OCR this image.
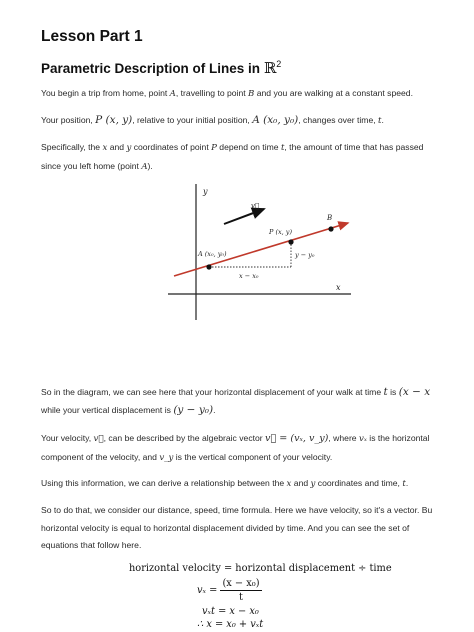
Lesson Part 1
Parametric Description of Lines in ℝ$^2$
You begin a trip from home, point A, travelling to point B and you are walking at a constant speed.
Your position, P (x, y), relative to your initial position, A (x₀, y₀), changes over time, t.
Specifically, the x and y coordinates of point P depend on time t, the amount of time that has passed
since you left home (point A).
y
x
v⃗
A (x₀, y₀)
P (x, y)
B
x − x₀
y − y₀
So in the diagram, we can see here that your horizontal displacement of your walk at time t is (x − x
while your vertical displacement is (y − y₀).
Your velocity, v⃗, can be described by the algebraic vector v⃗ = (vₓ, v_y), where vₓ is the horizontal
component of the velocity, and v_y is the vertical component of your velocity.
Using this information, we can derive a relationship between the x and y coordinates and time, t.
So to do that, we consider our distance, speed, time formula. Here we have velocity, so it's a vector. Bu
horizontal velocity is equal to horizontal displacement divided by time. And you can see the set of
equations that follow here.
horizontal velocity = horizontal displacement ÷ time
$v_x = \frac{\text{(x − x₀)}}{t}$
vₓt = x − x₀
∴ x = x₀ + vₓt
